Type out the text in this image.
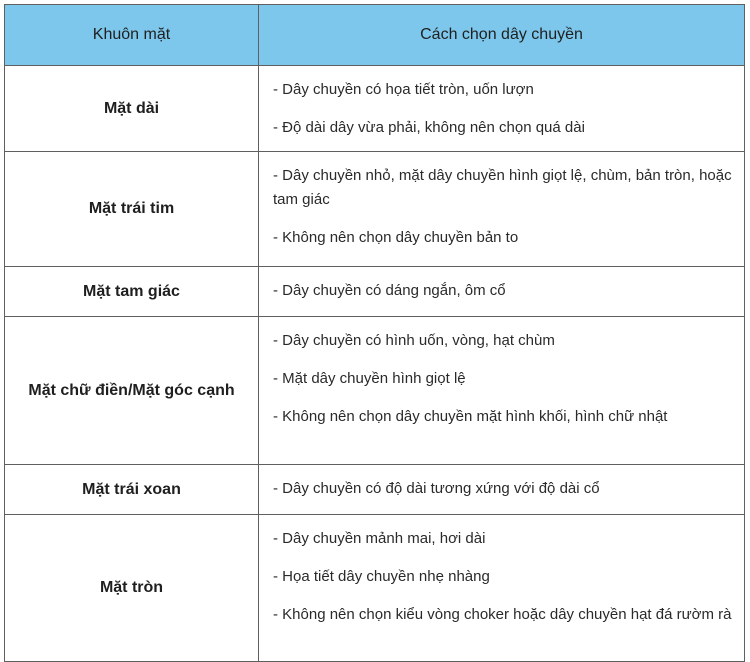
Khuôn mặt	Cách chọn dây chuyền
Mặt dài	- Dây chuyền có họa tiết tròn, uốn lượn
- Độ dài dây vừa phải, không nên chọn quá dài

Mặt trái tim	- Dây chuyền nhỏ, mặt dây chuyền hình giọt lệ, chùm, bản tròn, hoặc tam giác
- Không nên chọn dây chuyền bản to

Mặt tam giác	- Dây chuyền có dáng ngắn, ôm cổ

Mặt chữ điền/Mặt góc cạnh	- Dây chuyền có hình uốn, vòng, hạt chùm
- Mặt dây chuyền hình giọt lệ
- Không nên chọn dây chuyền mặt hình khối, hình chữ nhật

Mặt trái xoan	- Dây chuyền có độ dài tương xứng với độ dài cổ

Mặt tròn	- Dây chuyền mảnh mai, hơi dài
- Họa tiết dây chuyền nhẹ nhàng
- Không nên chọn kiểu vòng choker hoặc dây chuyền hạt đá rườm rà
